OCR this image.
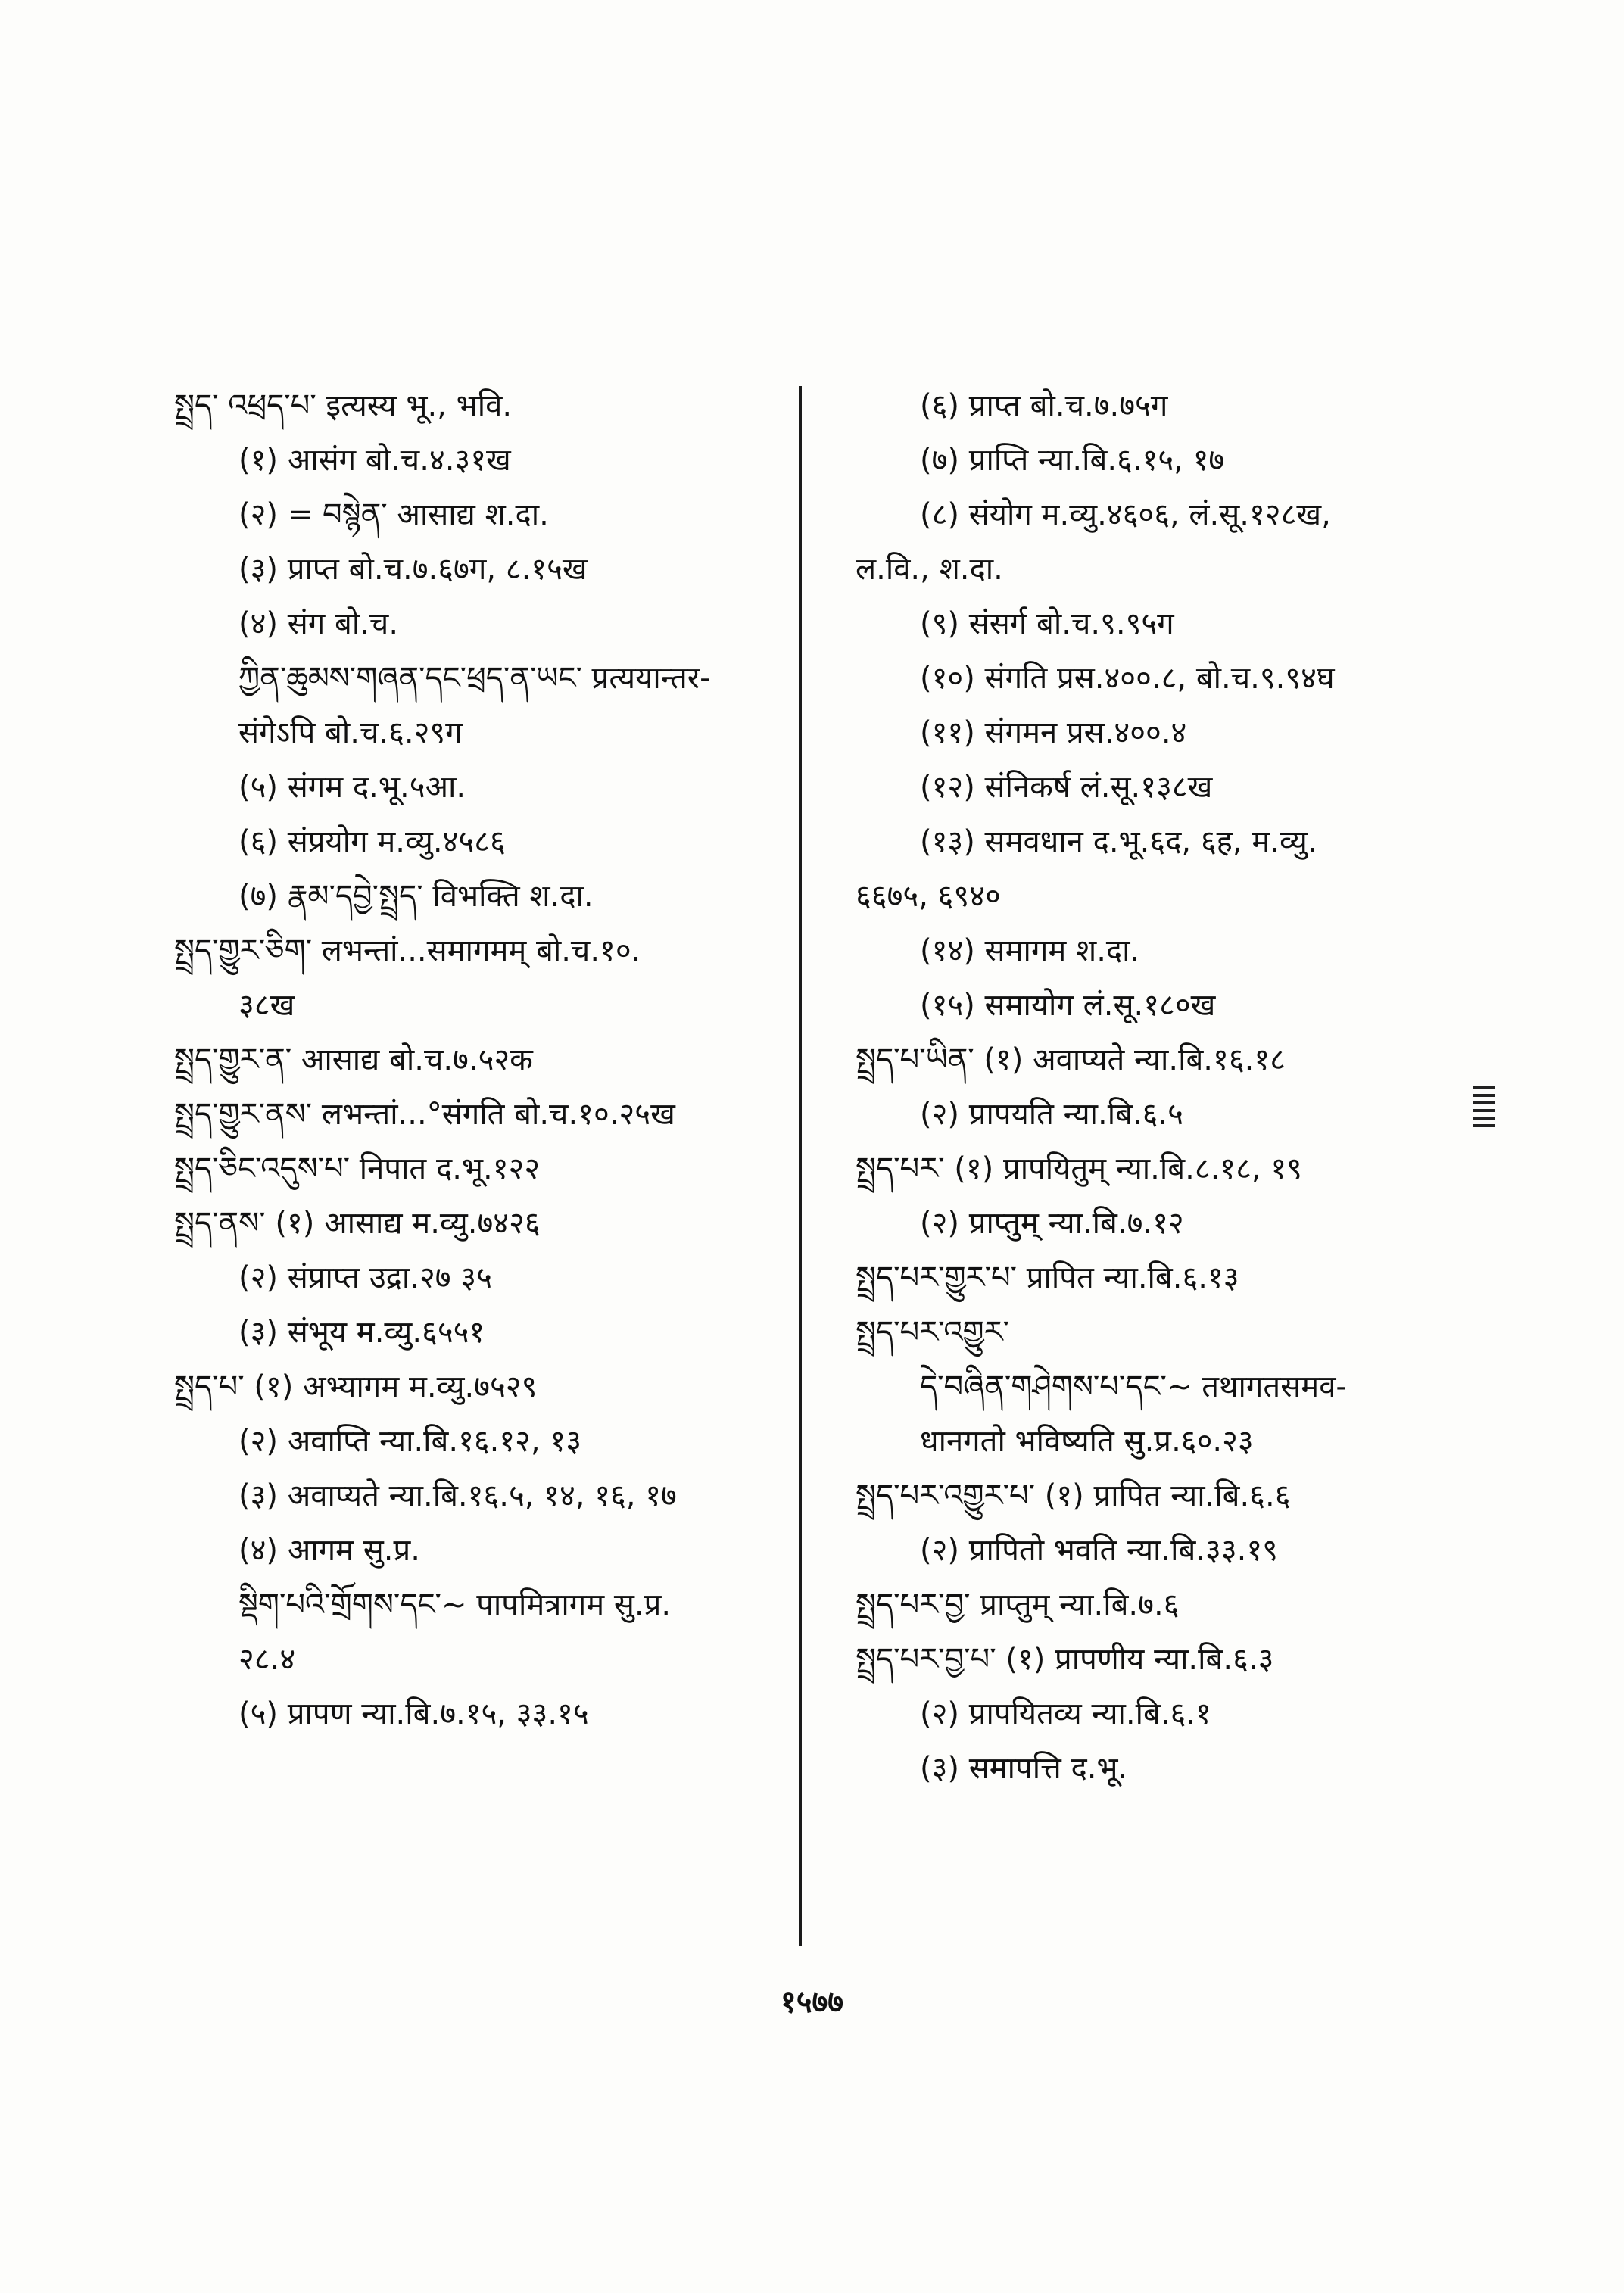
སྤྲད་ འཕྲད་པ་ इत्यस्य भू., भवि.
(१) आसंग बो.च.४.३१ख
(२) = བསྙེན་ आसाद्य श.दा.
(३) प्राप्त बो.च.७.६७ग, ८.१५ख
(४) संग बो.च.
ཀྱིན་ཆུམས་གཞན་དང་ཕྲད་ན་ཡང་ प्रत्ययान्तर-
संगेऽपि बो.च.६.२९ग
(५) संगम द.भू.५आ.
(६) संप्रयोग म.व्यु.४५८६
(७) རྣམ་དབྱེ་སྤྲད་ विभक्ति श.दा.
སྤྲད་གྱུར་ཅིག་ लभन्तां...समागमम् बो.च.१०.
३८ख
སྤྲད་གྱུར་ན་ आसाद्य बो.च.७.५२क
སྤྲད་གྱུར་ནས་ लभन्तां...°संगति बो.च.१०.२५ख
སྤྲད་ཅིང་འདུས་པ་ निपात द.भू.१२२
སྤྲད་ནས་ (१) आसाद्य म.व्यु.७४२६
(२) संप्राप्त उद्रा.२७ ३५
(३) संभूय म.व्यु.६५५१
སྤྲད་པ་ (१) अभ्यागम म.व्यु.७५२९
(२) अवाप्ति न्या.बि.१६.१२, १३
(३) अवाप्यते न्या.बि.१६.५, १४, १६, १७
(४) आगम सु.प्र.
སྡིག་པའི་གྲོགས་དང་~ पापमित्रागम सु.प्र.
२८.४
(५) प्रापण न्या.बि.७.१५, ३३.१५
(६) प्राप्त बो.च.७.७५ग
(७) प्राप्ति न्या.बि.६.१५, १७
(८) संयोग म.व्यु.४६०६, लं.सू.१२८ख,
ल.वि., श.दा.
(९) संसर्ग बो.च.९.९५ग
(१०) संगति प्रस.४००.८, बो.च.९.९४घ
(११) संगमन प्रस.४००.४
(१२) संनिकर्ष लं.सू.१३८ख
(१३) समवधान द.भू.६द, ६ह, म.व्यु.
६६७५, ६९४०
(१४) समागम श.दा.
(१५) समायोग लं.सू.१८०ख
སྤྲད་པ་ཡིན་ (१) अवाप्यते न्या.बि.१६.१८
(२) प्रापयति न्या.बि.६.५
སྤྲད་པར་ (१) प्रापयितुम् न्या.बि.८.१८, १९
(२) प्राप्तुम् न्या.बि.७.१२
སྤྲད་པར་གྱུར་པ་ प्रापित न्या.बि.६.१३
སྤྲད་པར་འགྱུར་
དེ་བཞིན་གཤེགས་པ་དང་~ तथागतसमव-
धानगतो भविष्यति सु.प्र.६०.२३
སྤྲད་པར་འགྱུར་པ་ (१) प्रापित न्या.बि.६.६
(२) प्रापितो भवति न्या.बि.३३.१९
སྤྲད་པར་བྱ་ प्राप्तुम् न्या.बि.७.६
སྤྲད་པར་བྱ་པ་ (१) प्रापणीय न्या.बि.६.३
(२) प्रापयितव्य न्या.बि.६.१
(३) समापत्ति द.भू.
१५७७
